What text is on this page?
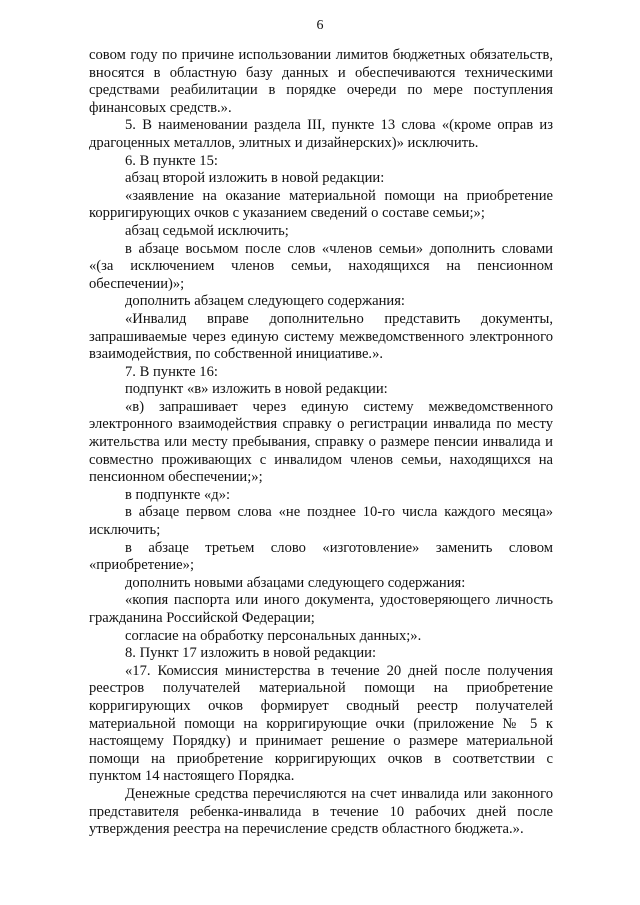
6

совом году по причине использовании лимитов бюджетных обязательств, вносятся в областную базу данных и обеспечиваются техническими средствами реабилитации в порядке очереди по мере поступления финансовых средств.».

5. В наименовании раздела III, пункте 13 слова «(кроме оправ из драгоценных металлов, элитных и дизайнерских)» исключить.

6. В пункте 15:

абзац второй изложить в новой редакции:

«заявление на оказание материальной помощи на приобретение корригирующих очков с указанием сведений о составе семьи;»;

абзац седьмой исключить;

в абзаце восьмом после слов «членов семьи» дополнить словами «(за исключением членов семьи, находящихся на пенсионном обеспечении)»;

дополнить абзацем следующего содержания:

«Инвалид вправе дополнительно представить документы, запрашиваемые через единую систему межведомственного электронного взаимодействия, по собственной инициативе.».

7. В пункте 16:

подпункт «в» изложить в новой редакции:

«в) запрашивает через единую систему межведомственного электронного взаимодействия справку о регистрации инвалида по месту жительства или месту пребывания, справку о размере пенсии инвалида и совместно проживающих с инвалидом членов семьи, находящихся на пенсионном обеспечении;»;

в подпункте «д»:

в абзаце первом слова «не позднее 10-го числа каждого месяца» исключить;

в абзаце третьем слово «изготовление» заменить словом «приобретение»;

дополнить новыми абзацами следующего содержания:

«копия паспорта или иного документа, удостоверяющего личность гражданина Российской Федерации;

согласие на обработку персональных данных;».

8. Пункт 17 изложить в новой редакции:

«17. Комиссия министерства в течение 20 дней после получения реестров получателей материальной помощи на приобретение корригирующих очков формирует сводный реестр получателей материальной помощи на корригирующие очки (приложение № 5 к настоящему Порядку) и принимает решение о размере материальной помощи на приобретение корригирующих очков в соответствии с пунктом 14 настоящего Порядка.

Денежные средства перечисляются на счет инвалида или законного представителя ребенка-инвалида в течение 10 рабочих дней после утверждения реестра на перечисление средств областного бюджета.».
